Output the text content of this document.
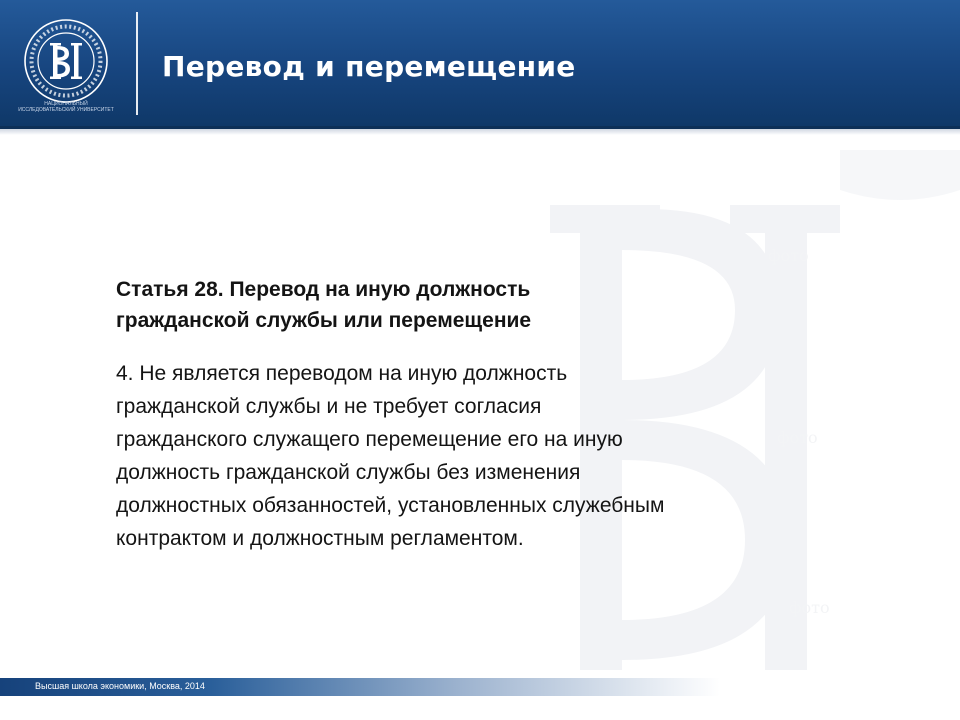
НАЦИОНАЛЬНЫЙ ИССЛЕДОВАТЕЛЬСКИЙ УНИВЕРСИТЕТ
Перевод и перемещение
фото
фото
фото

Статья 28. Перевод на иную должность
гражданской службы или перемещение

4. Не является переводом на иную должность
гражданской службы и не требует согласия
гражданского служащего перемещение его на иную
должность гражданской службы без изменения
должностных обязанностей, установленных служебным
контрактом и должностным регламентом.

Высшая школа экономики, Москва, 2014
